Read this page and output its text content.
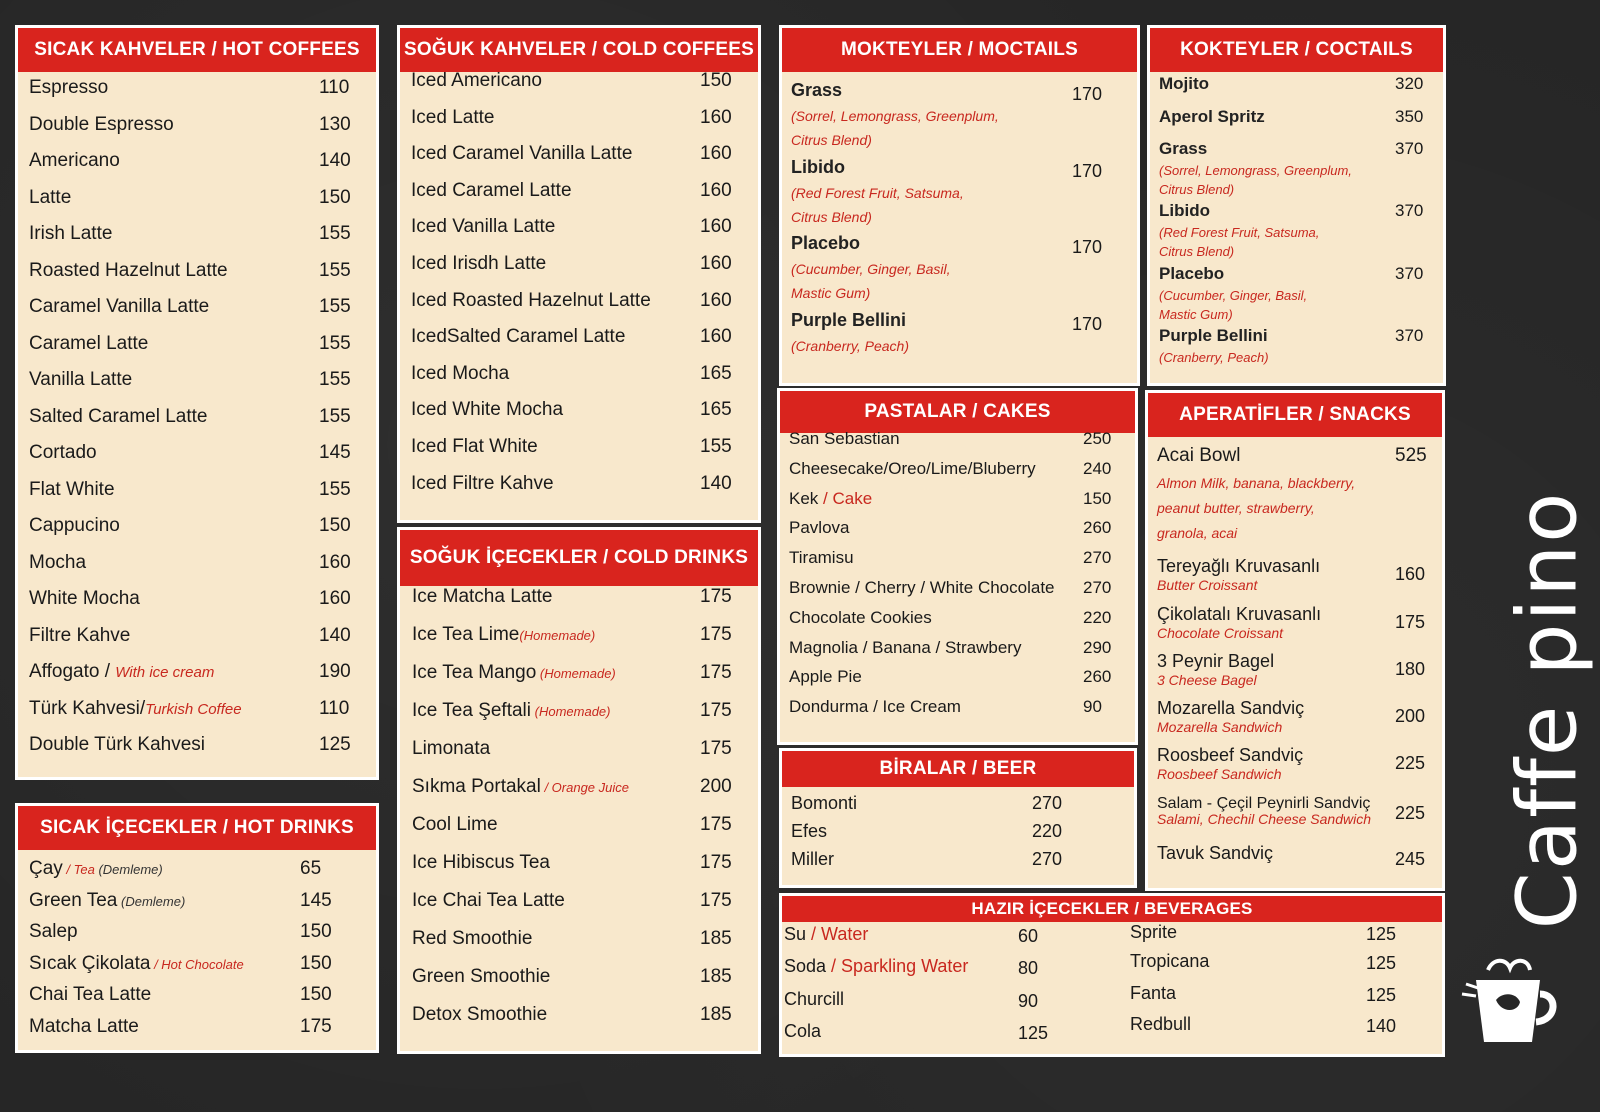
SICAK KAHVELER / HOT COFFEES
Espresso	110
Double Espresso	130
Americano	140
Latte	150
Irish Latte	155
Roasted Hazelnut Latte	155
Caramel Vanilla Latte	155
Caramel Latte	155
Vanilla Latte	155
Salted Caramel Latte	155
Cortado	145
Flat White	155
Cappucino	150
Mocha	160
White Mocha	160
Filtre Kahve	140
Affogato / With ice cream	190
Türk Kahvesi/Turkish Coffee	110
Double Türk Kahvesi	125
SICAK İÇECEKLER / HOT DRINKS
Çay / Tea (Demleme)	65
Green Tea (Demleme)	145
Salep	150
Sıcak Çikolata / Hot Chocolate	150
Chai Tea Latte	150
Matcha Latte	175
SOĞUK KAHVELER / COLD COFFEES
Iced Americano	150
Iced Latte	160
Iced Caramel Vanilla Latte	160
Iced Caramel Latte	160
Iced Vanilla Latte	160
Iced Irisdh Latte	160
Iced Roasted Hazelnut Latte	160
IcedSalted Caramel Latte	160
Iced Mocha	165
Iced White Mocha	165
Iced Flat White	155
Iced Filtre Kahve	140
SOĞUK İÇECEKLER / COLD DRINKS
Ice Matcha Latte	175
Ice Tea Lime(Homemade)	175
Ice Tea Mango (Homemade)	175
Ice Tea Şeftali (Homemade)	175
Limonata	175
Sıkma Portakal / Orange Juice	200
Cool Lime	175
Ice Hibiscus Tea	175
Ice Chai Tea Latte	175
Red Smoothie	185
Green Smoothie	185
Detox Smoothie	185
MOKTEYLER / MOCTAILS
Grass	170
(Sorrel, Lemongrass, Greenplum,
Citrus Blend)
Libido	170
(Red Forest Fruit, Satsuma,
Citrus Blend)
Placebo	170
(Cucumber, Ginger, Basil,
Mastic Gum)
Purple Bellini	170
(Cranberry, Peach)
KOKTEYLER / COCTAILS
Mojito	320
Aperol Spritz	350
Grass	370
(Sorrel, Lemongrass, Greenplum,
Citrus Blend)
Libido	370
(Red Forest Fruit, Satsuma,
Citrus Blend)
Placebo	370
(Cucumber, Ginger, Basil,
Mastic Gum)
Purple Bellini	370
(Cranberry, Peach)
PASTALAR / CAKES
San Sebastian	250
Cheesecake/Oreo/Lime/Bluberry	240
Kek / Cake	150
Pavlova	260
Tiramisu	270
Brownie / Cherry / White Chocolate 270
Chocolate Cookies	220
Magnolia / Banana / Strawbery	290
Apple Pie	260
Dondurma / Ice Cream	90
BİRALAR / BEER
Bomonti	270
Efes	220
Miller	270
APERATİFLER / SNACKS
Acai Bowl	525
Almon Milk, banana, blackberry,
peanut butter, strawberry,
granola, acai
Tereyağlı Kruvasanlı	160
Butter Croissant
Çikolatalı Kruvasanlı	175
Chocolate Croissant
3 Peynir Bagel	180
3 Cheese Bagel
Mozarella Sandviç	200
Mozarella Sandwich
Roosbeef Sandviç	225
Roosbeef Sandwich
Salam - Çeçil Peynirli Sandviç 225
Salami, Chechil Cheese Sandwich
Tavuk Sandviç	245
HAZIR İÇECEKLER / BEVERAGES
Su / Water	60
Soda / Sparkling Water	80
Churcill	90
Cola	125
Sprite	125
Tropicana	125
Fanta	125
Redbull	140
Caffe pino
